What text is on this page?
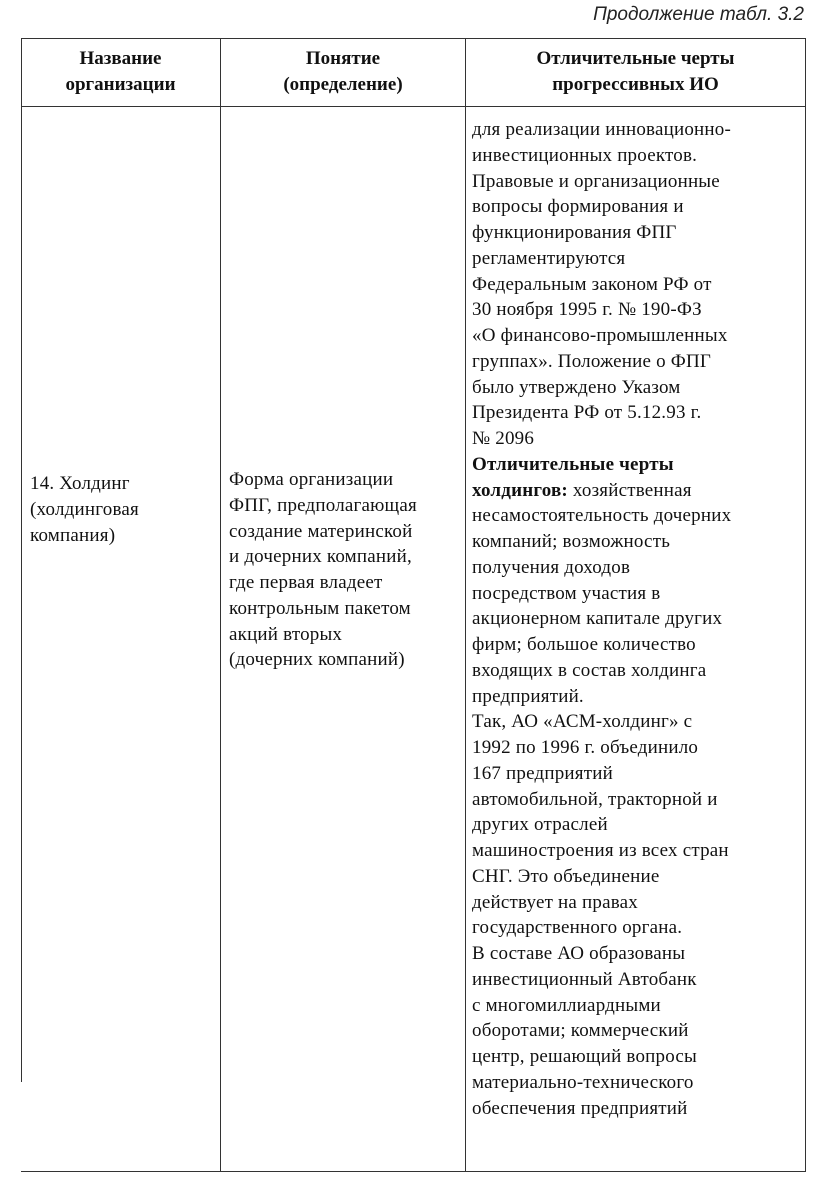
Продолжение табл. 3.2
Название
организации
Понятие
(определение)
Отличительные черты
прогрессивных ИО
14. Холдинг
(холдинговая
компания)
Форма организации
ФПГ, предполагающая
создание материнской
и дочерних компаний,
где первая владеет
контрольным пакетом
акций вторых
(дочерних компаний)
для реализации инновационно-
инвестиционных проектов.
Правовые и организационные
вопросы формирования и
функционирования ФПГ
регламентируются
Федеральным законом РФ от
30 ноября 1995 г. № 190-ФЗ
«О финансово-промышленных
группах». Положение о ФПГ
было утверждено Указом
Президента РФ от 5.12.93 г.
№ 2096
Отличительные черты
холдингов: хозяйственная
несамостоятельность дочерних
компаний; возможность
получения доходов
посредством участия в
акционерном капитале других
фирм; большое количество
входящих в состав холдинга
предприятий.
Так, АО «АСМ-холдинг» с
1992 по 1996 г. объединило
167 предприятий
автомобильной, тракторной и
других отраслей
машиностроения из всех стран
СНГ. Это объединение
действует на правах
государственного органа.
В составе АО образованы
инвестиционный Автобанк
с многомиллиардными
оборотами; коммерческий
центр, решающий вопросы
материально-технического
обеспечения предприятий
